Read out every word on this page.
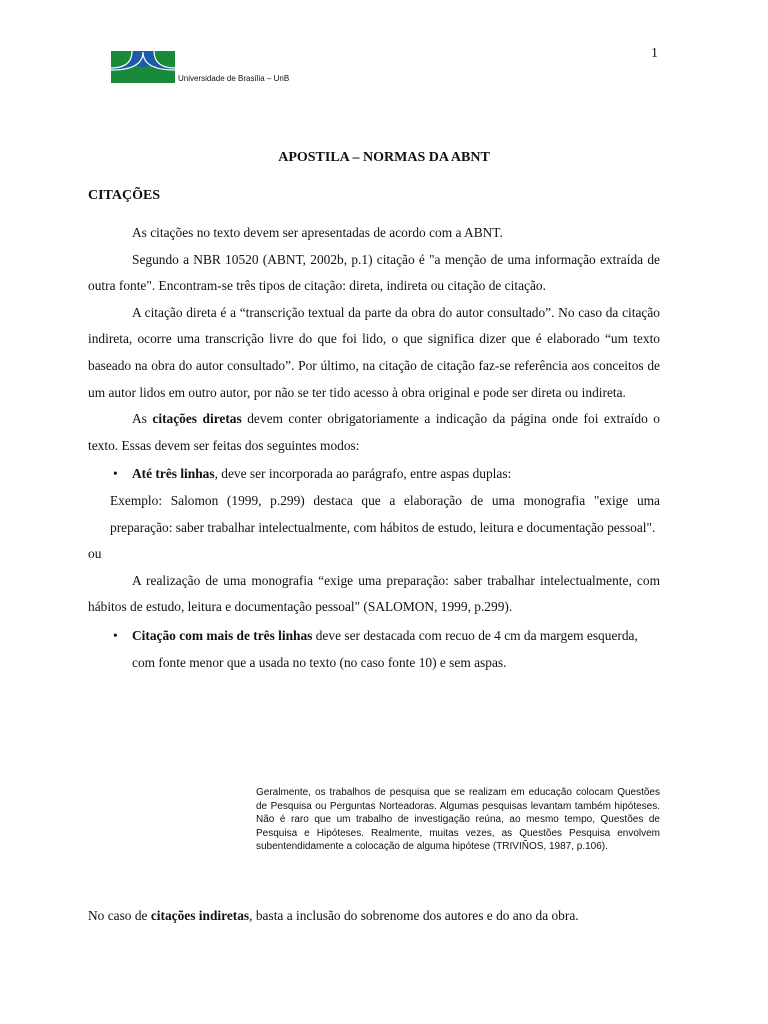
Universidade de Brasília – UnB
1
APOSTILA – NORMAS DA ABNT
CITAÇÕES

As citações no texto devem ser apresentadas de acordo com a ABNT.

Segundo a NBR 10520 (ABNT, 2002b, p.1) citação é "a menção de uma informação extraída de outra fonte". Encontram-se três tipos de citação: direta, indireta ou citação de citação.

A citação direta é a “transcrição textual da parte da obra do autor consultado”. No caso da citação indireta, ocorre uma transcrição livre do que foi lido, o que significa dizer que é elaborado “um texto baseado na obra do autor consultado”. Por último, na citação de citação faz-se referência aos conceitos de um autor lidos em outro autor, por não se ter tido acesso à obra original e pode ser direta ou indireta.

As citações diretas devem conter obrigatoriamente a indicação da página onde foi extraído o texto. Essas devem ser feitas dos seguintes modos:

• Até três linhas, deve ser incorporada ao parágrafo, entre aspas duplas:

Exemplo: Salomon (1999, p.299) destaca que a elaboração de uma monografia "exige uma preparação: saber trabalhar intelectualmente, com hábitos de estudo, leitura e documentação pessoal".

ou

A realização de uma monografia “exige uma preparação: saber trabalhar intelectualmente, com hábitos de estudo, leitura e documentação pessoal" (SALOMON, 1999, p.299).

• Citação com mais de três linhas deve ser destacada com recuo de 4 cm da margem esquerda, com fonte menor que a usada no texto (no caso fonte 10) e sem aspas.
Geralmente, os trabalhos de pesquisa que se realizam em educação colocam Questões de Pesquisa ou Perguntas Norteadoras. Algumas pesquisas levantam também hipóteses. Não é raro que um trabalho de investigação reúna, ao mesmo tempo, Questões de Pesquisa e Hipóteses. Realmente, muitas vezes, as Questões Pesquisa envolvem subentendidamente a colocação de alguma hipótese (TRIVIÑOS, 1987, p.106).

No caso de citações indiretas, basta a inclusão do sobrenome dos autores e do ano da obra.
